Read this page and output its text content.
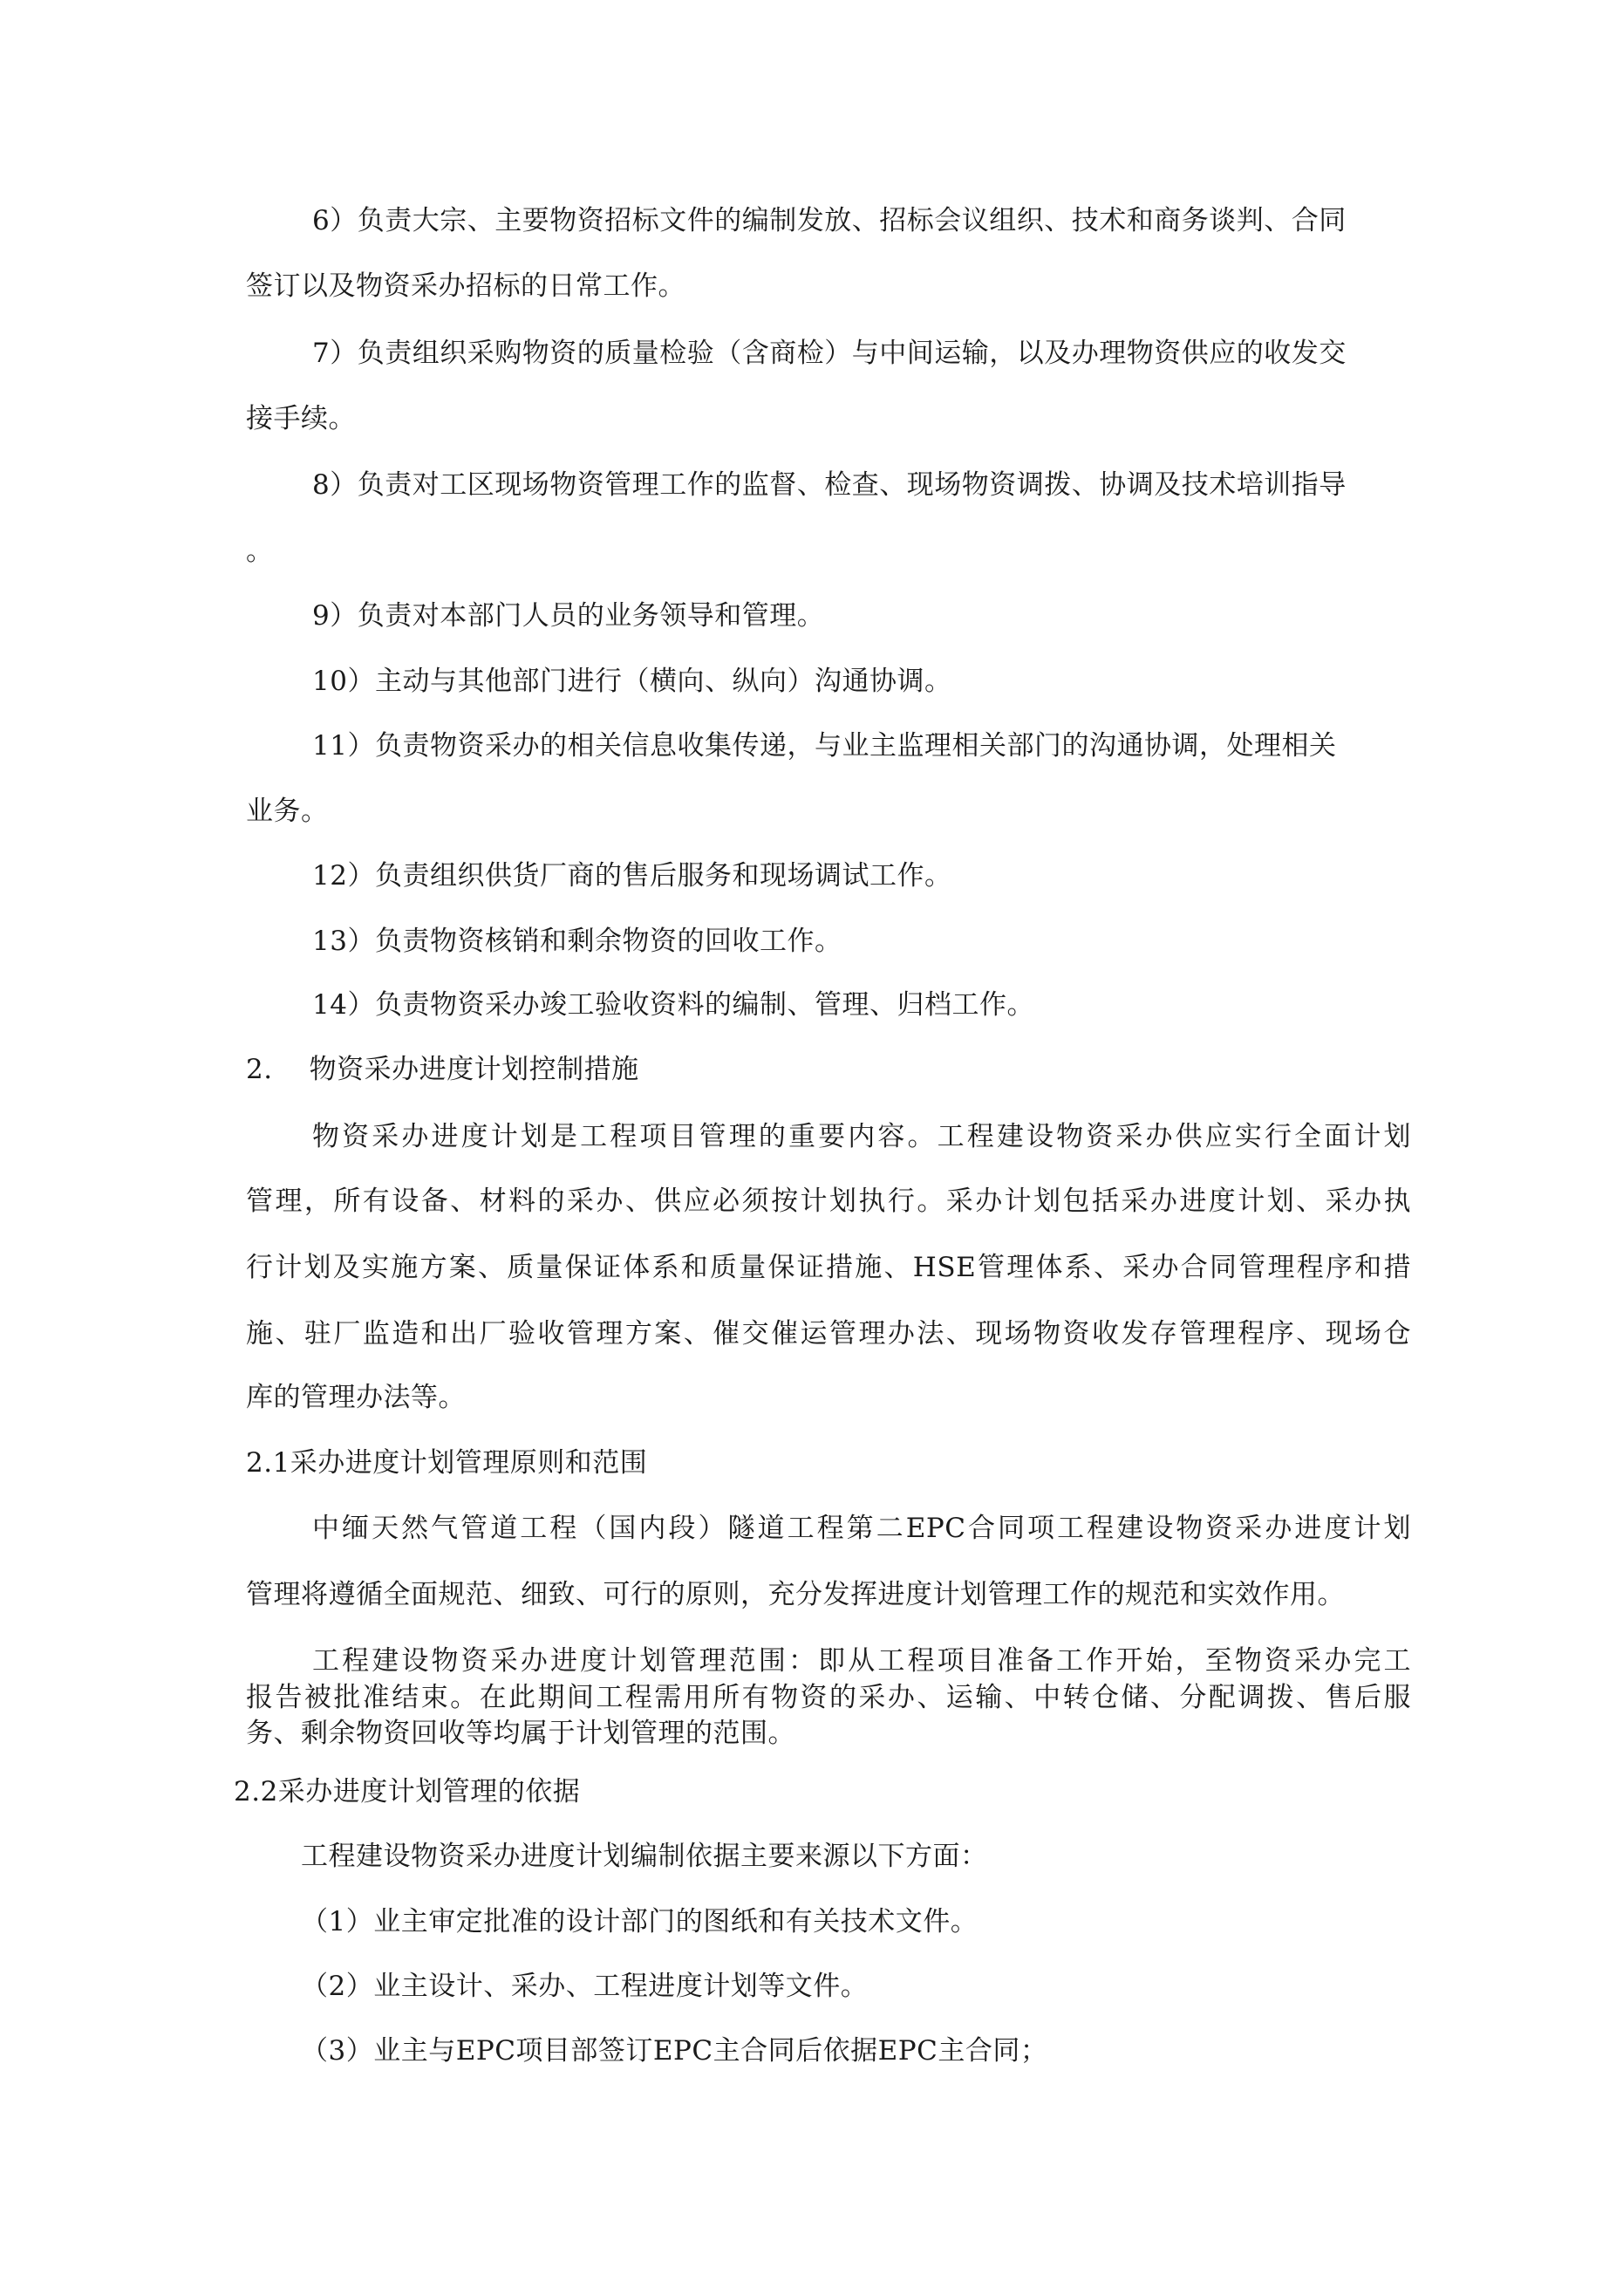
6）负责大宗、主要物资招标文件的编制发放、招标会议组织、技术和商务谈判、合同
签订以及物资采办招标的日常工作。
7）负责组织采购物资的质量检验（含商检）与中间运输，以及办理物资供应的收发交
接手续。
8）负责对工区现场物资管理工作的监督、检查、现场物资调拨、协调及技术培训指导
。
9）负责对本部门人员的业务领导和管理。
10）主动与其他部门进行（横向、纵向）沟通协调。
11）负责物资采办的相关信息收集传递，与业主监理相关部门的沟通协调，处理相关
业务。
12）负责组织供货厂商的售后服务和现场调试工作。
13）负责物资核销和剩余物资的回收工作。
14）负责物资采办竣工验收资料的编制、管理、归档工作。
2. 物资采办进度计划控制措施
物资采办进度计划是工程项目管理的重要内容。工程建设物资采办供应实行全面计划
管理，所有设备、材料的采办、供应必须按计划执行。采办计划包括采办进度计划、采办执
行计划及实施方案、质量保证体系和质量保证措施、HSE管理体系、采办合同管理程序和措
施、驻厂监造和出厂验收管理方案、催交催运管理办法、现场物资收发存管理程序、现场仓
库的管理办法等。
2.1采办进度计划管理原则和范围
中缅天然气管道工程（国内段）隧道工程第二EPC合同项工程建设物资采办进度计划
管理将遵循全面规范、细致、可行的原则，充分发挥进度计划管理工作的规范和实效作用。
工程建设物资采办进度计划管理范围：即从工程项目准备工作开始，至物资采办完工
报告被批准结束。在此期间工程需用所有物资的采办、运输、中转仓储、分配调拨、售后服
务、剩余物资回收等均属于计划管理的范围。
2.2采办进度计划管理的依据
工程建设物资采办进度计划编制依据主要来源以下方面：
（1）业主审定批准的设计部门的图纸和有关技术文件。
（2）业主设计、采办、工程进度计划等文件。
（3）业主与EPC项目部签订EPC主合同后依据EPC主合同；
